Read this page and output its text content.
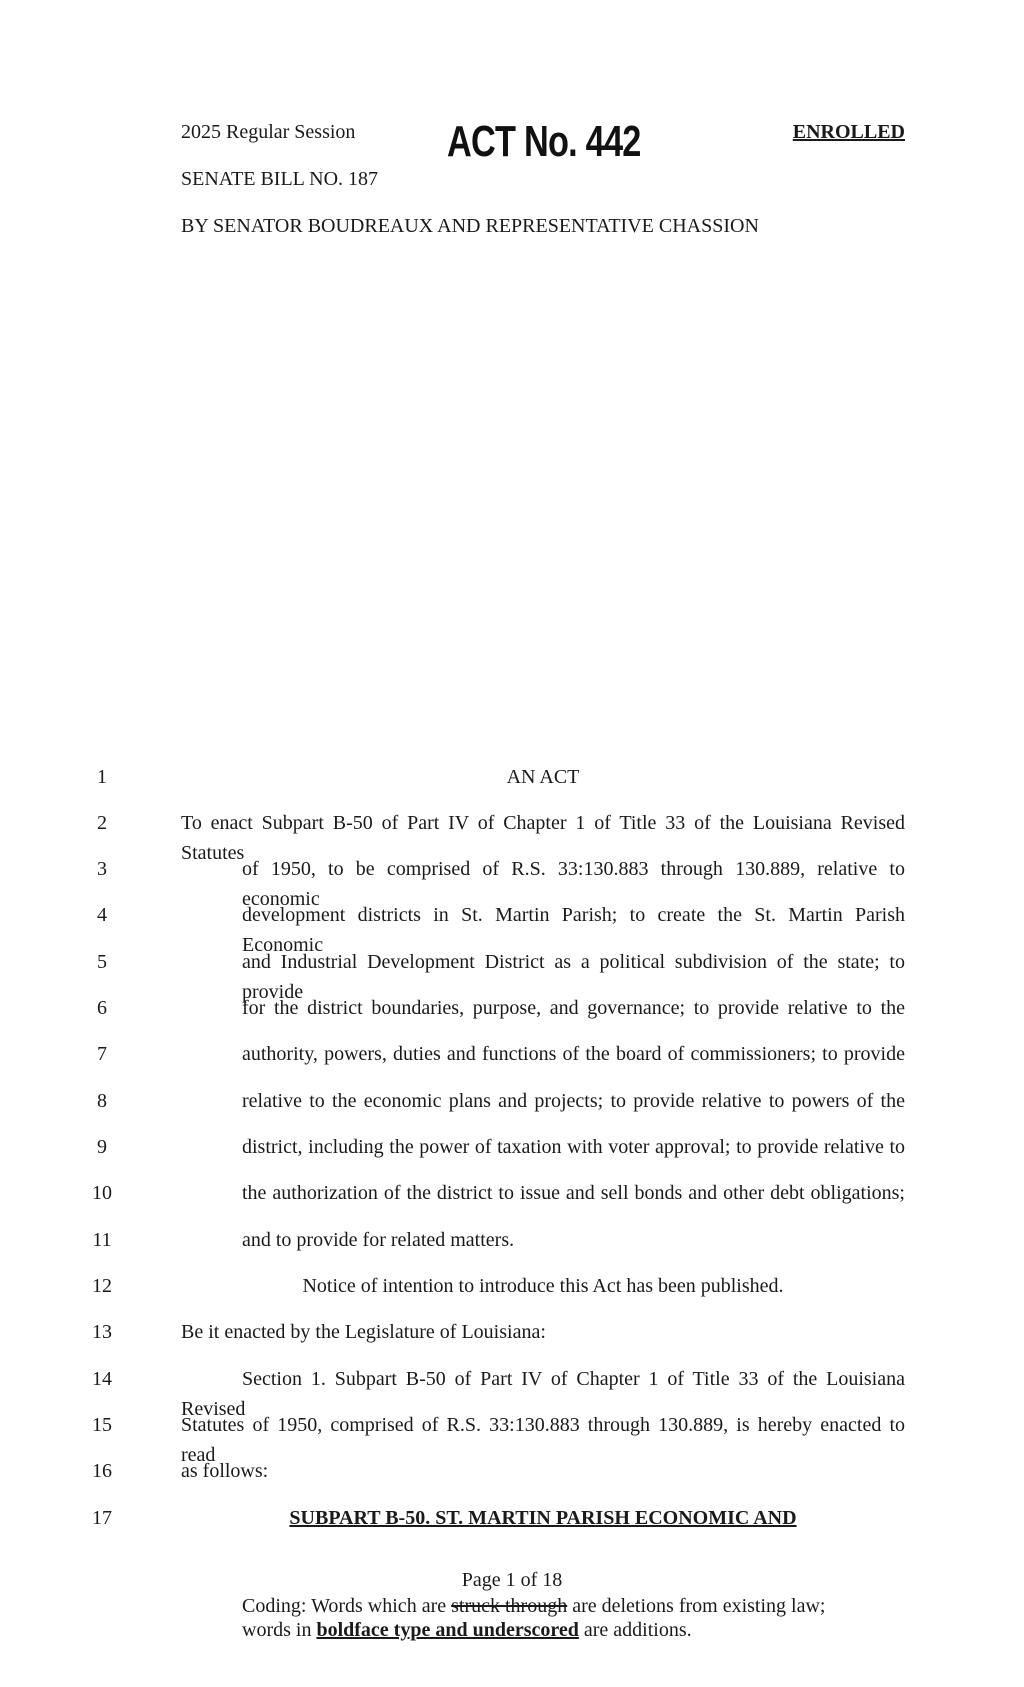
2025 Regular Session ACT No. 442	ENROLLED
SENATE BILL NO. 187
BY SENATOR BOUDREAUX AND REPRESENTATIVE CHASSION
1	AN ACT
2	To enact Subpart B-50 of Part IV of Chapter 1 of Title 33 of the Louisiana Revised Statutes
3	of 1950, to be comprised of R.S. 33:130.883 through 130.889, relative to economic
4	development districts in St. Martin Parish; to create the St. Martin Parish Economic
5	and Industrial Development District as a political subdivision of the state; to provide
6	for the district boundaries, purpose, and governance; to provide relative to the
7	authority, powers, duties and functions of the board of commissioners; to provide
8	relative to the economic plans and projects; to provide relative to powers of the
9	district, including the power of taxation with voter approval; to provide relative to
10	the authorization of the district to issue and sell bonds and other debt obligations;
11	and to provide for related matters.
12	Notice of intention to introduce this Act has been published.
13	Be it enacted by the Legislature of Louisiana:
14	Section 1. Subpart B-50 of Part IV of Chapter 1 of Title 33 of the Louisiana Revised
15	Statutes of 1950, comprised of R.S. 33:130.883 through 130.889, is hereby enacted to read
16	as follows:
17	SUBPART B-50. ST. MARTIN PARISH ECONOMIC AND
Page 1 of 18
Coding: Words which are struck through are deletions from existing law;
words in boldface type and underscored are additions.
